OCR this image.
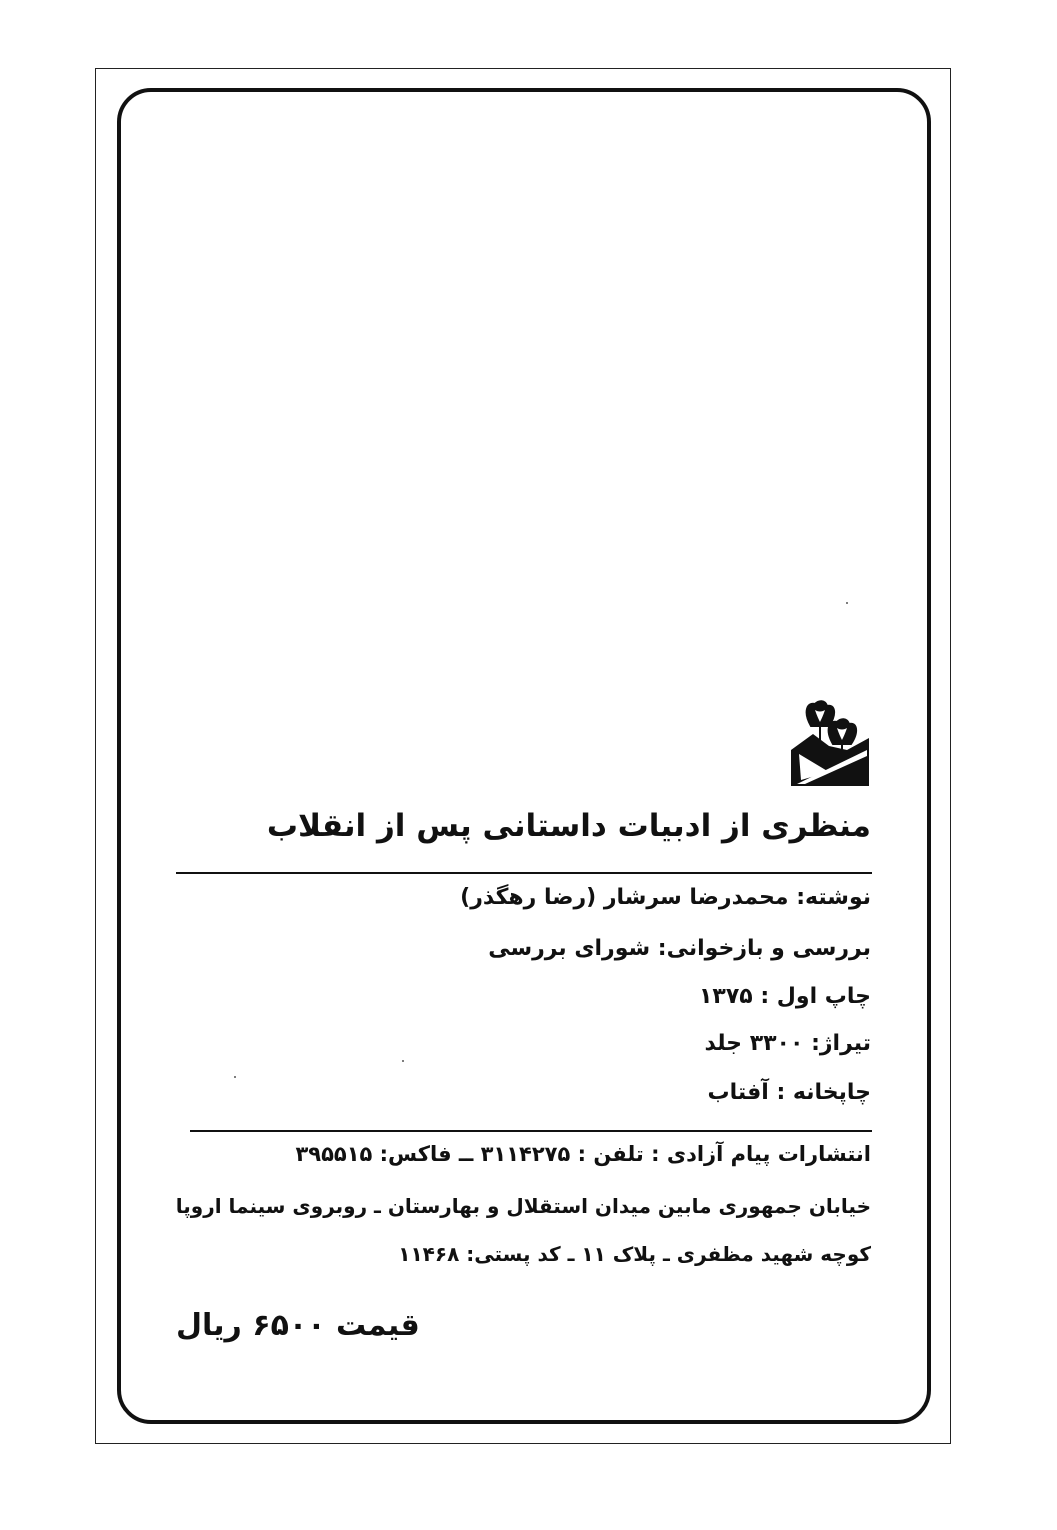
منظری از ادبیات داستانی پس از انقلاب
نوشته: محمدرضا سرشار (رضا رهگذر)
بررسی و بازخوانی: شورای بررسی
چاپ اول : ۱۳۷۵
تیراژ: ۳۳۰۰ جلد
چاپخانه : آفتاب
انتشارات پیام آزادی : تلفن : ۳۱۱۴۲۷۵ ــ فاکس: ۳۹۵۵۱۵
خیابان جمهوری مابین میدان استقلال و بهارستان ـ روبروی سینما اروپا
کوچه شهید مظفری ـ پلاک ۱۱ ـ کد پستی: ۱۱۴۶۸
قیمت ۶۵۰۰ ریال
